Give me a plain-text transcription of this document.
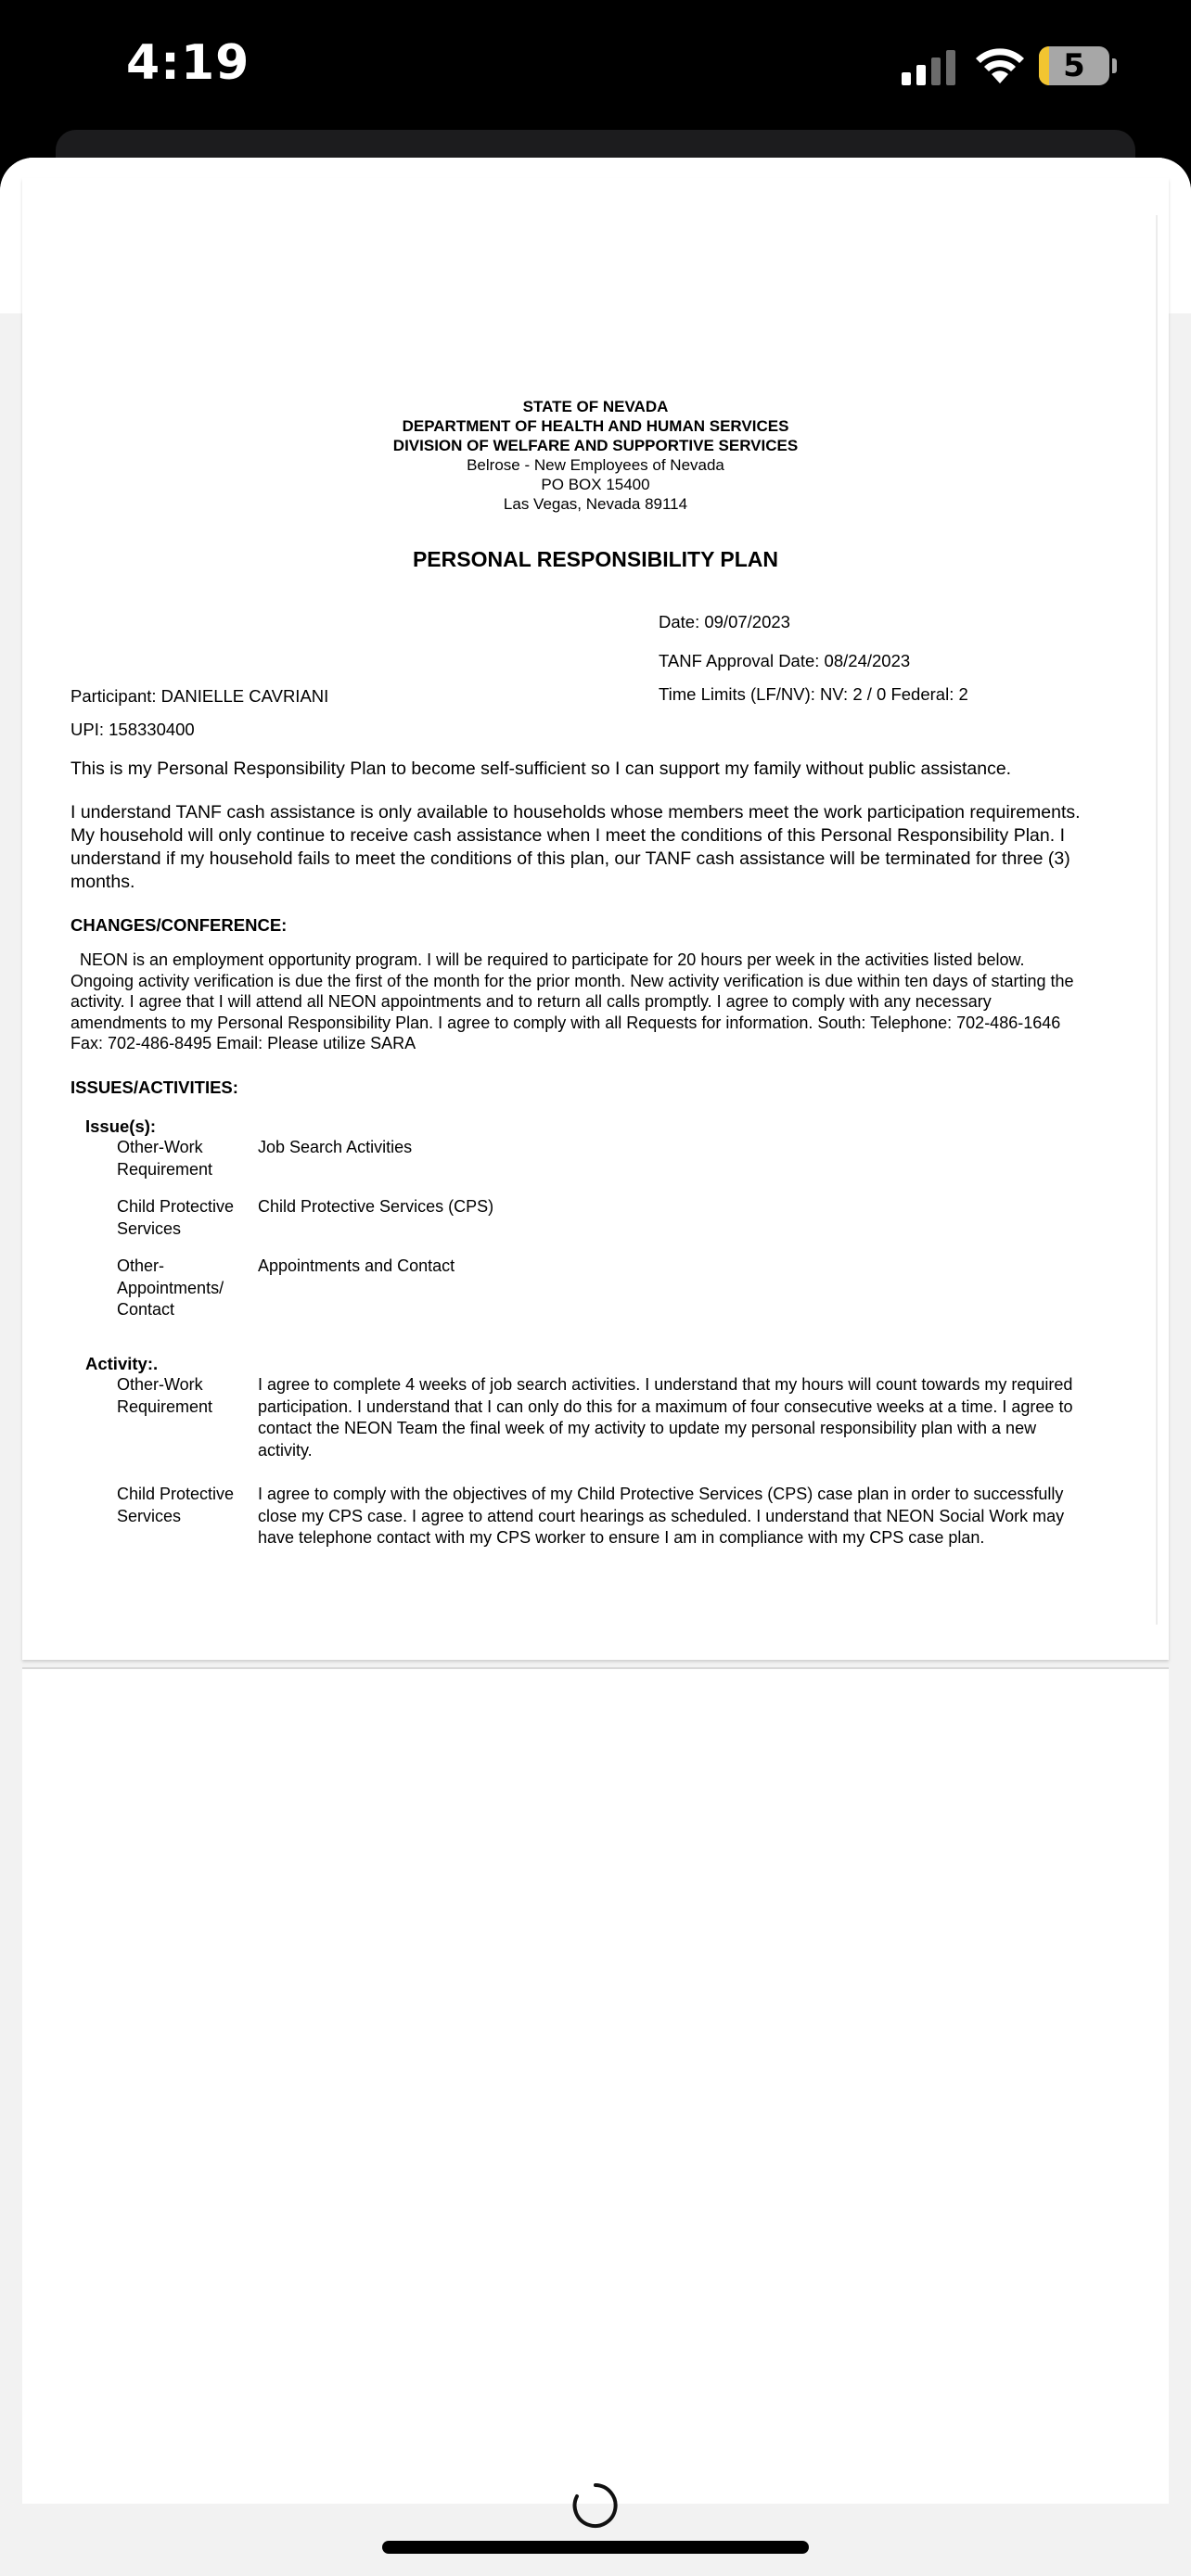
4:19	5
STATE OF NEVADA
DEPARTMENT OF HEALTH AND HUMAN SERVICES
DIVISION OF WELFARE AND SUPPORTIVE SERVICES
Belrose - New Employees of Nevada
PO BOX 15400
Las Vegas, Nevada 89114
PERSONAL RESPONSIBILITY PLAN
Date: 09/07/2023
TANF Approval Date: 08/24/2023
Participant: DANIELLE CAVRIANI	Time Limits (LF/NV): NV: 2 / 0 Federal: 2
UPI: 158330400
This is my Personal Responsibility Plan to become self-sufficient so I can support my family without public assistance.
I understand TANF cash assistance is only available to households whose members meet the work participation requirements. My household will only continue to receive cash assistance when I meet the conditions of this Personal Responsibility Plan. I understand if my household fails to meet the conditions of this plan, our TANF cash assistance will be terminated for three (3) months.
CHANGES/CONFERENCE:
NEON is an employment opportunity program. I will be required to participate for 20 hours per week in the activities listed below. Ongoing activity verification is due the first of the month for the prior month. New activity verification is due within ten days of starting the activity. I agree that I will attend all NEON appointments and to return all calls promptly. I agree to comply with any necessary amendments to my Personal Responsibility Plan. I agree to comply with all Requests for information. South: Telephone: 702-486-1646 Fax: 702-486-8495 Email: Please utilize SARA
ISSUES/ACTIVITIES:
Issue(s):
Other-Work Requirement
Job Search Activities
Child Protective Services
Child Protective Services (CPS)
Other-Appointments/ Contact
Appointments and Contact
Activity:.
Other-Work Requirement
I agree to complete 4 weeks of job search activities. I understand that my hours will count towards my required participation. I understand that I can only do this for a maximum of four consecutive weeks at a time. I agree to contact the NEON Team the final week of my activity to update my personal responsibility plan with a new activity.
Child Protective Services
I agree to comply with the objectives of my Child Protective Services (CPS) case plan in order to successfully close my CPS case. I agree to attend court hearings as scheduled. I understand that NEON Social Work may have telephone contact with my CPS worker to ensure I am in compliance with my CPS case plan.
